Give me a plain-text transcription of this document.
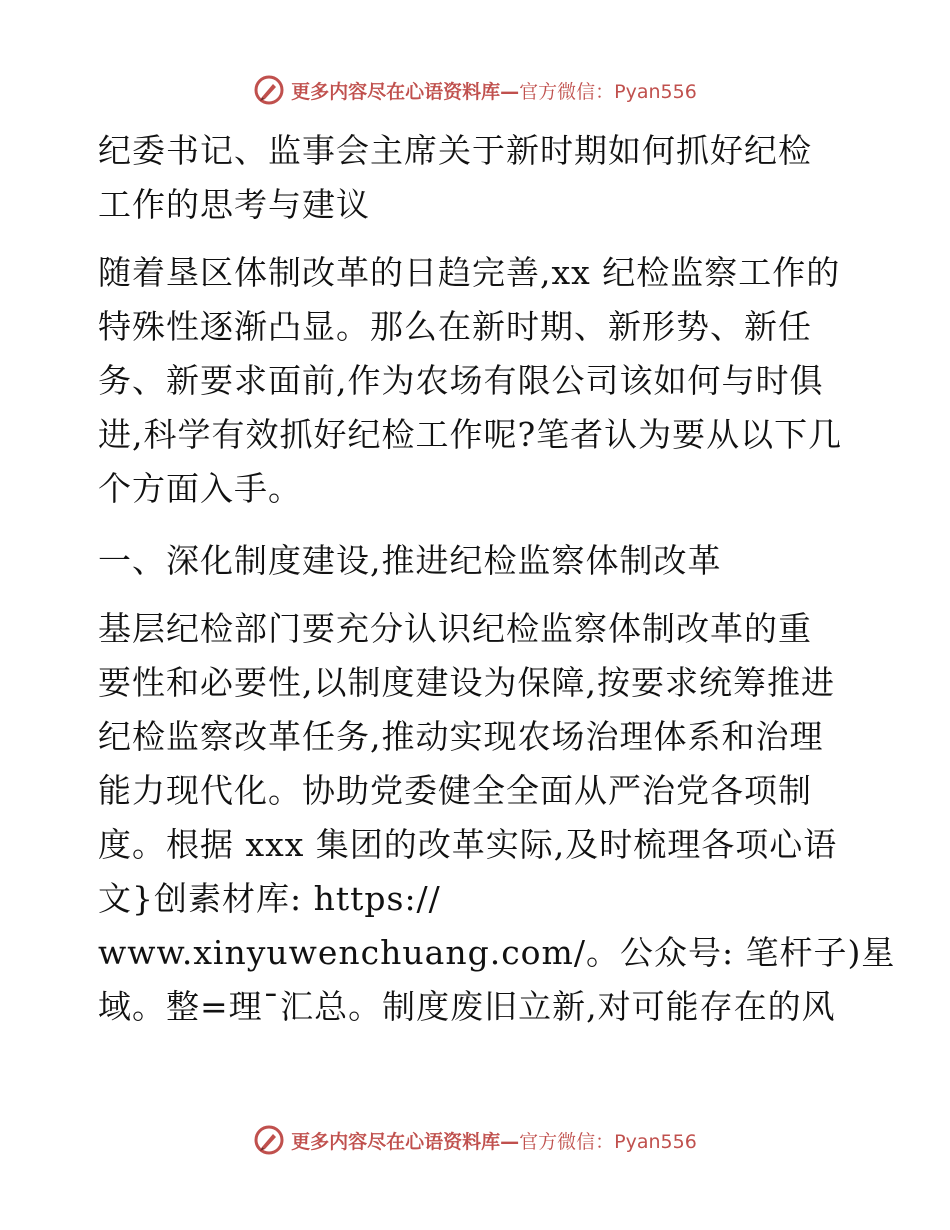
更多内容尽在心语资料库—官方微信：Pyan556
纪委书记、监事会主席关于新时期如何抓好纪检
工作的思考与建议
随着垦区体制改革的日趋完善,xx 纪检监察工作的
特殊性逐渐凸显。那么在新时期、新形势、新任
务、新要求面前,作为农场有限公司该如何与时俱
进,科学有效抓好纪检工作呢?笔者认为要从以下几
个方面入手。
一、深化制度建设,推进纪检监察体制改革
基层纪检部门要充分认识纪检监察体制改革的重
要性和必要性,以制度建设为保障,按要求统筹推进
纪检监察改革任务,推动实现农场治理体系和治理
能力现代化。协助党委健全全面从严治党各项制
度。根据 xxx 集团的改革实际,及时梳理各项心语
文}创素材库: https://
www.xinyuwenchuang.com/。公众号: 笔杆子)星
域。整=理¯汇总。制度废旧立新,对可能存在的风
更多内容尽在心语资料库—官方微信：Pyan556
